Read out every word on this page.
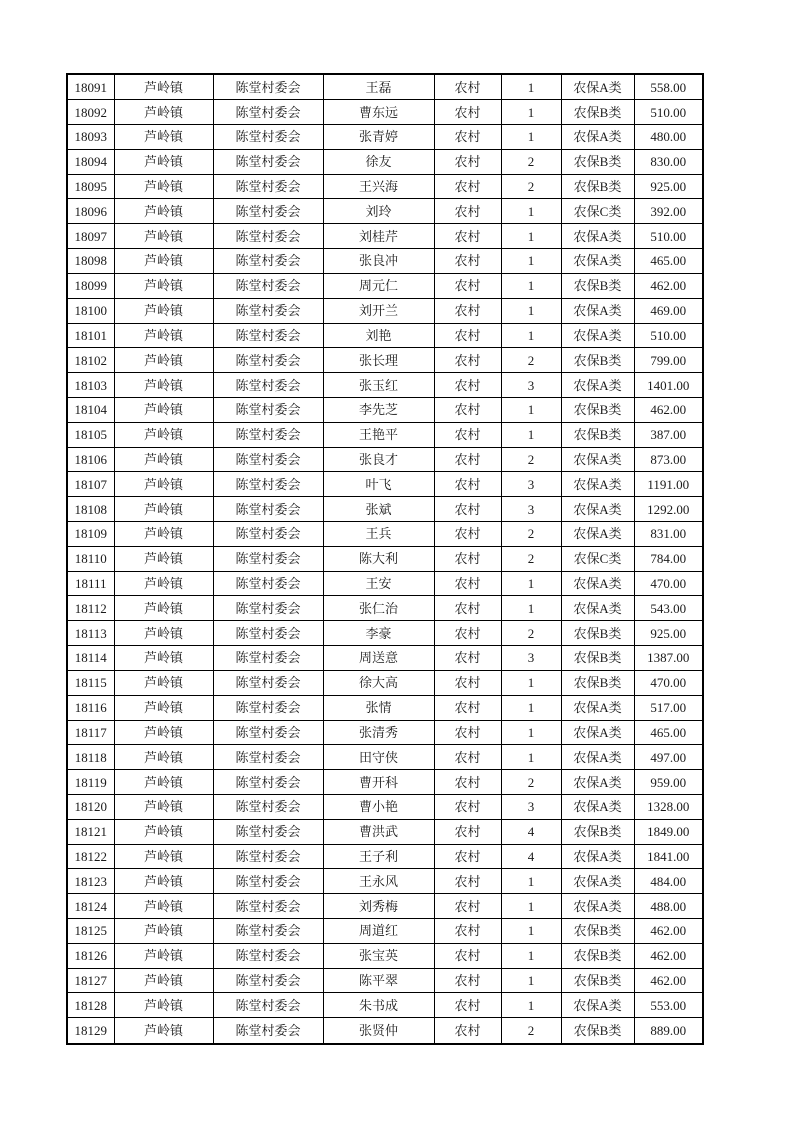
18091	芦岭镇	陈堂村委会	王磊	农村	1	农保A类	558.00
18092	芦岭镇	陈堂村委会	曹东远	农村	1	农保B类	510.00
18093	芦岭镇	陈堂村委会	张青婷	农村	1	农保A类	480.00
18094	芦岭镇	陈堂村委会	徐友	农村	2	农保B类	830.00
18095	芦岭镇	陈堂村委会	王兴海	农村	2	农保B类	925.00
18096	芦岭镇	陈堂村委会	刘玲	农村	1	农保C类	392.00
18097	芦岭镇	陈堂村委会	刘桂芹	农村	1	农保A类	510.00
18098	芦岭镇	陈堂村委会	张良冲	农村	1	农保A类	465.00
18099	芦岭镇	陈堂村委会	周元仁	农村	1	农保B类	462.00
18100	芦岭镇	陈堂村委会	刘开兰	农村	1	农保A类	469.00
18101	芦岭镇	陈堂村委会	刘艳	农村	1	农保A类	510.00
18102	芦岭镇	陈堂村委会	张长理	农村	2	农保B类	799.00
18103	芦岭镇	陈堂村委会	张玉红	农村	3	农保A类	1401.00
18104	芦岭镇	陈堂村委会	李先芝	农村	1	农保B类	462.00
18105	芦岭镇	陈堂村委会	王艳平	农村	1	农保B类	387.00
18106	芦岭镇	陈堂村委会	张良才	农村	2	农保A类	873.00
18107	芦岭镇	陈堂村委会	叶飞	农村	3	农保A类	1191.00
18108	芦岭镇	陈堂村委会	张斌	农村	3	农保A类	1292.00
18109	芦岭镇	陈堂村委会	王兵	农村	2	农保A类	831.00
18110	芦岭镇	陈堂村委会	陈大利	农村	2	农保C类	784.00
18111	芦岭镇	陈堂村委会	王安	农村	1	农保A类	470.00
18112	芦岭镇	陈堂村委会	张仁治	农村	1	农保A类	543.00
18113	芦岭镇	陈堂村委会	李豪	农村	2	农保B类	925.00
18114	芦岭镇	陈堂村委会	周送意	农村	3	农保B类	1387.00
18115	芦岭镇	陈堂村委会	徐大高	农村	1	农保B类	470.00
18116	芦岭镇	陈堂村委会	张情	农村	1	农保A类	517.00
18117	芦岭镇	陈堂村委会	张清秀	农村	1	农保A类	465.00
18118	芦岭镇	陈堂村委会	田守侠	农村	1	农保A类	497.00
18119	芦岭镇	陈堂村委会	曹开科	农村	2	农保A类	959.00
18120	芦岭镇	陈堂村委会	曹小艳	农村	3	农保A类	1328.00
18121	芦岭镇	陈堂村委会	曹洪武	农村	4	农保B类	1849.00
18122	芦岭镇	陈堂村委会	王子利	农村	4	农保A类	1841.00
18123	芦岭镇	陈堂村委会	王永风	农村	1	农保A类	484.00
18124	芦岭镇	陈堂村委会	刘秀梅	农村	1	农保A类	488.00
18125	芦岭镇	陈堂村委会	周道红	农村	1	农保B类	462.00
18126	芦岭镇	陈堂村委会	张宝英	农村	1	农保B类	462.00
18127	芦岭镇	陈堂村委会	陈平翠	农村	1	农保B类	462.00
18128	芦岭镇	陈堂村委会	朱书成	农村	1	农保A类	553.00
18129	芦岭镇	陈堂村委会	张贤仲	农村	2	农保B类	889.00
